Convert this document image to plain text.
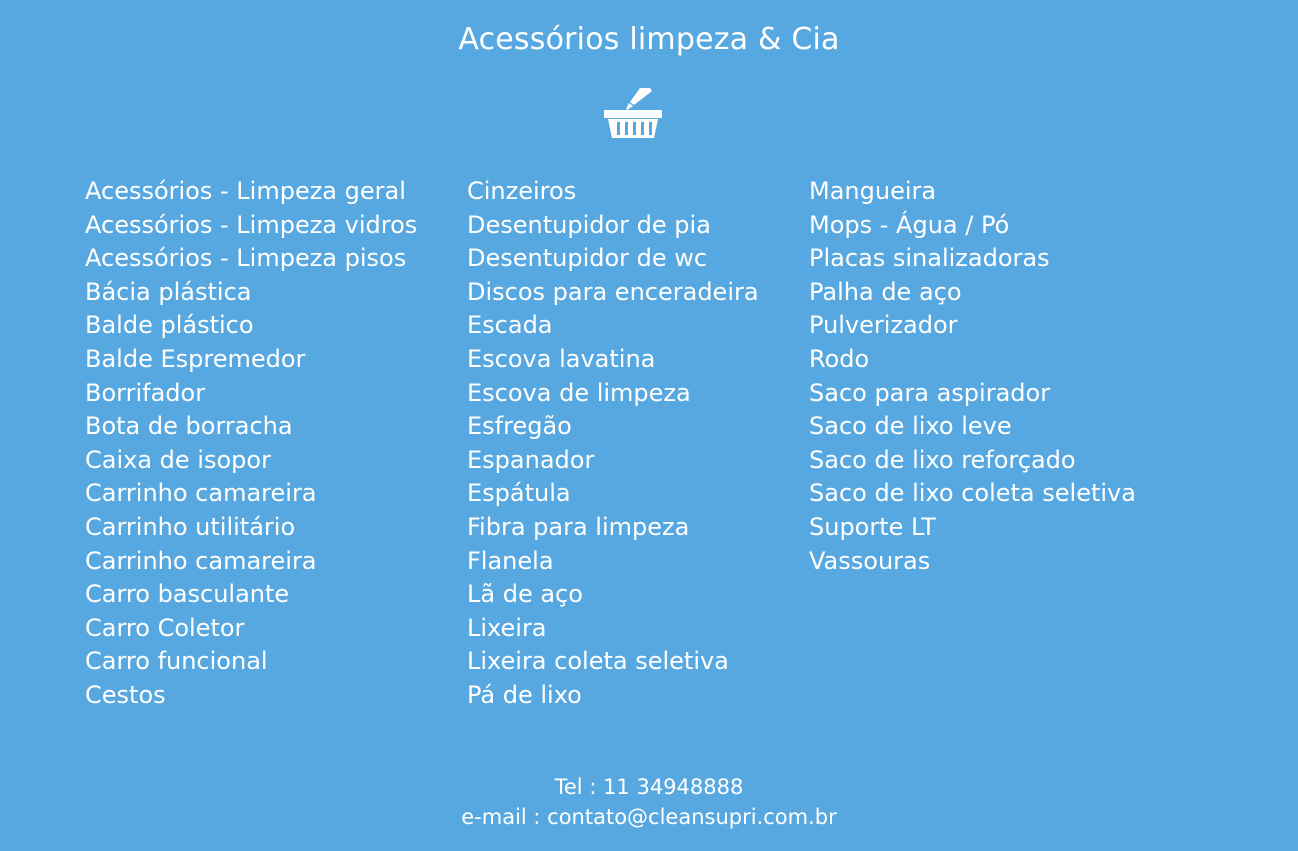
Acessórios limpeza & Cia
Acessórios - Limpeza geral
Acessórios - Limpeza vidros
Acessórios - Limpeza pisos
Bácia plástica
Balde plástico
Balde Espremedor
Borrifador
Bota de borracha
Caixa de isopor
Carrinho camareira
Carrinho utilitário
Carrinho camareira
Carro basculante
Carro Coletor
Carro funcional
Cestos
Cinzeiros
Desentupidor de pia
Desentupidor de wc
Discos para enceradeira
Escada
Escova lavatina
Escova de limpeza
Esfregão
Espanador
Espátula
Fibra para limpeza
Flanela
Lã de aço
Lixeira
Lixeira coleta seletiva
Pá de lixo
Mangueira
Mops - Água / Pó
Placas sinalizadoras
Palha de aço
Pulverizador
Rodo
Saco para aspirador
Saco de lixo leve
Saco de lixo reforçado
Saco de lixo coleta seletiva
Suporte LT
Vassouras
Tel : 11 34948888
e-mail : contato@cleansupri.com.br
